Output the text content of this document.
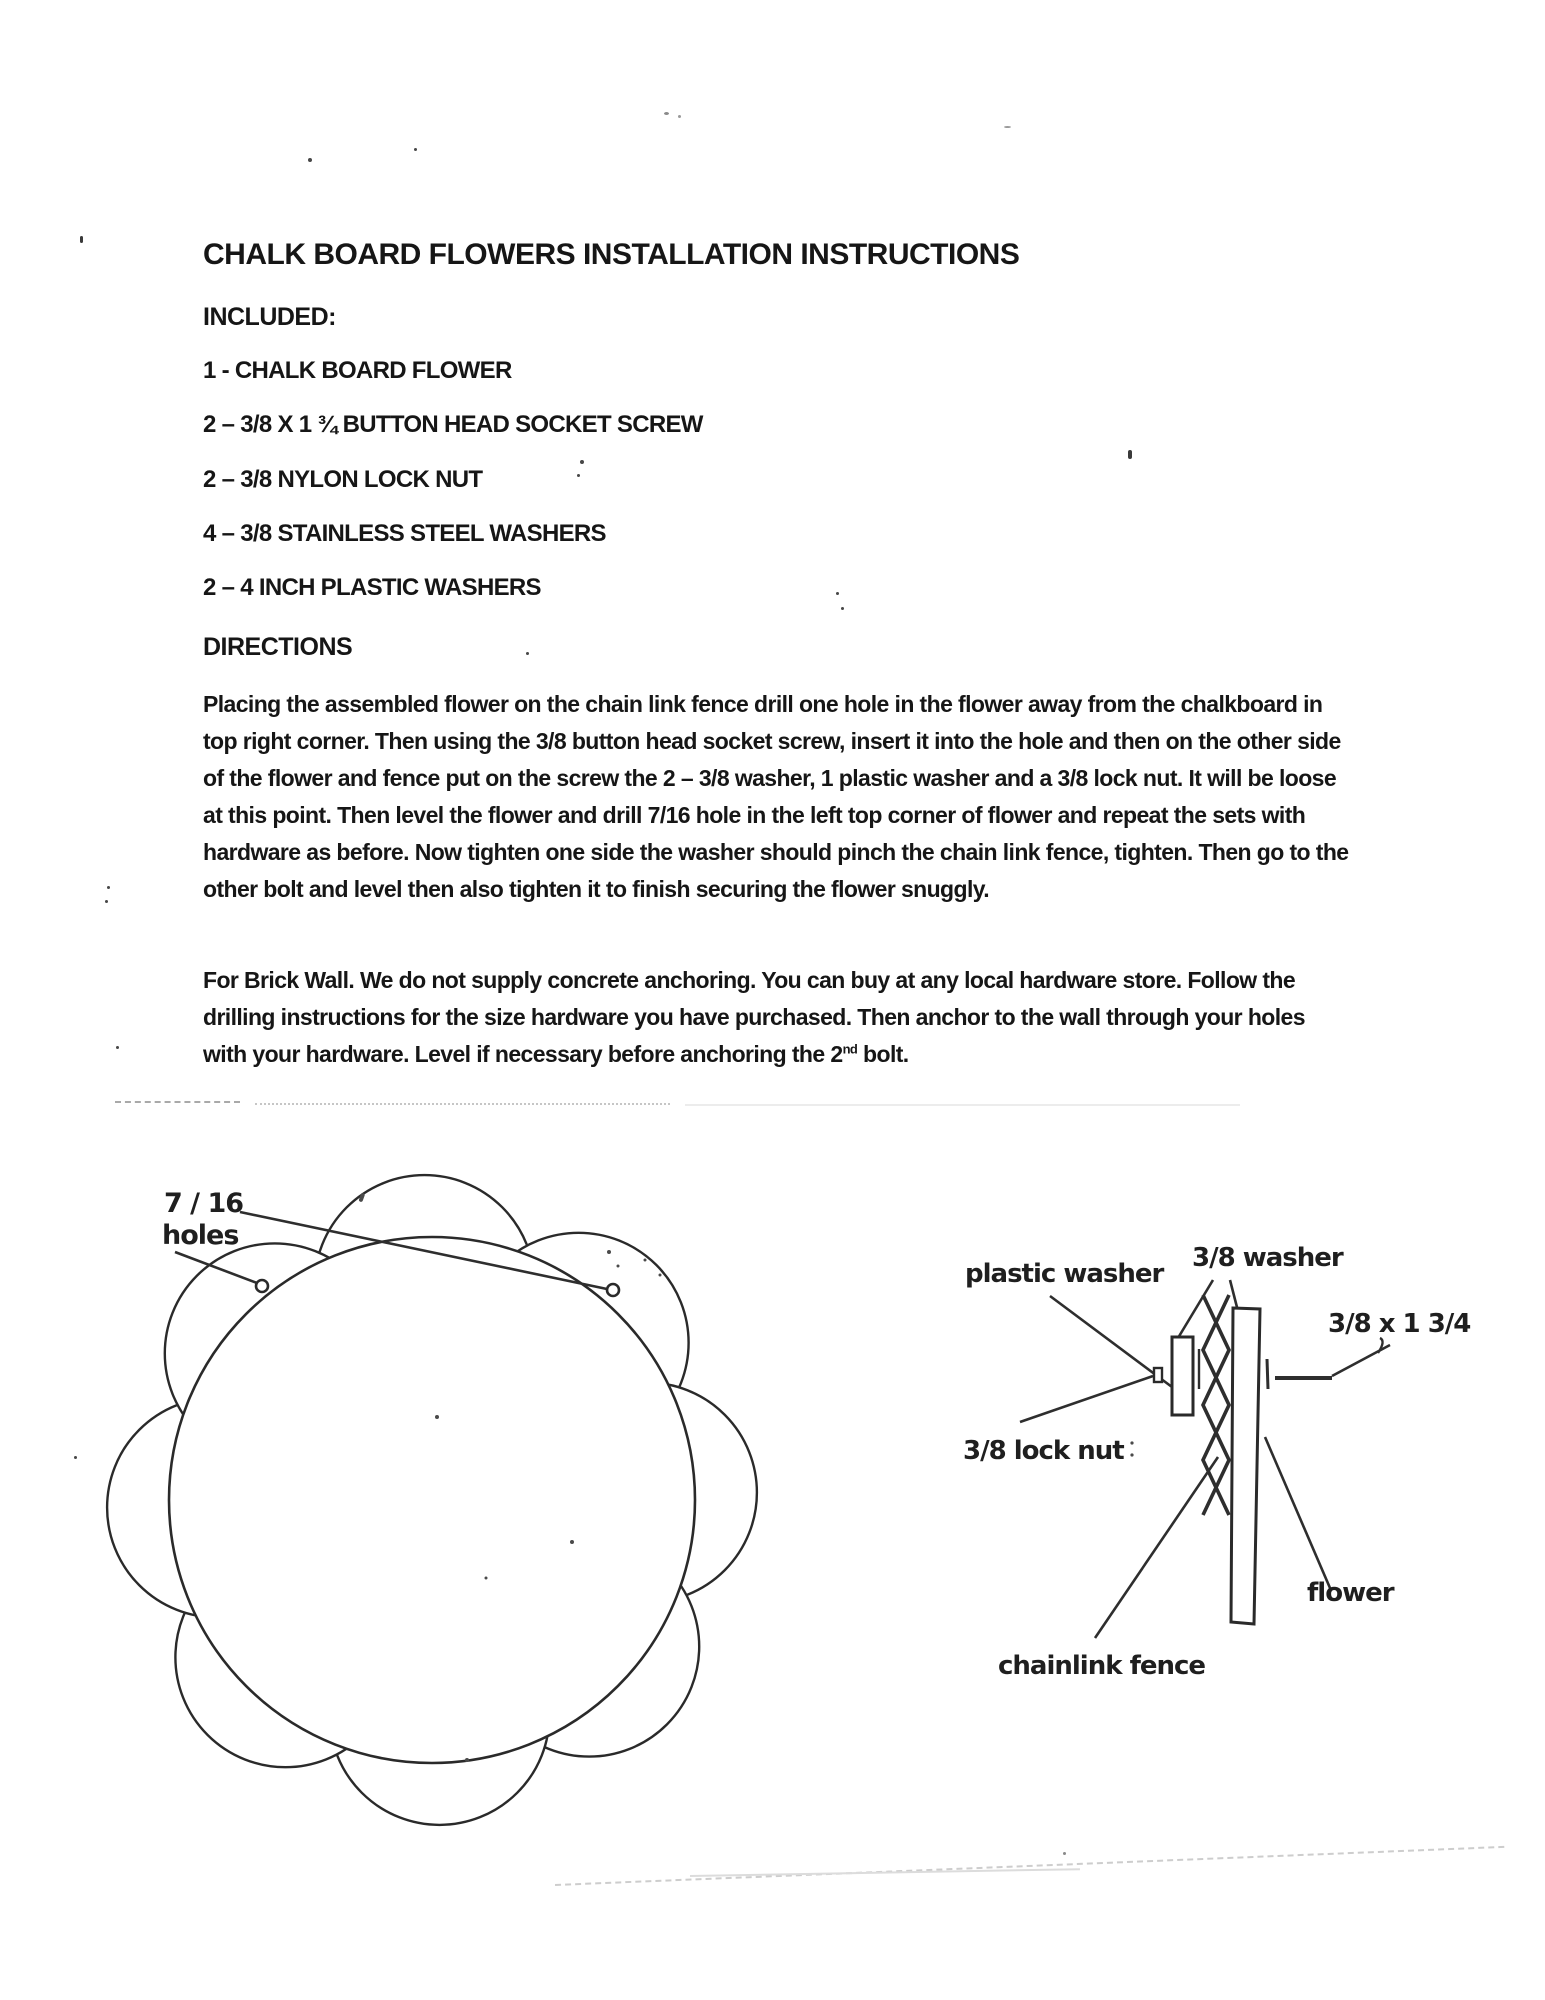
CHALK BOARD FLOWERS INSTALLATION INSTRUCTIONS
INCLUDED:
1 - CHALK BOARD FLOWER
2 – 3/8 X 1 ¾ BUTTON HEAD SOCKET SCREW
2 – 3/8 NYLON LOCK NUT
4 – 3/8 STAINLESS STEEL WASHERS
2 – 4 INCH PLASTIC WASHERS
DIRECTIONS
Placing the assembled flower on the chain link fence drill one hole in the flower away from the chalkboard in top right corner. Then using the 3/8 button head socket screw, insert it into the hole and then on the other side of the flower and fence put on the screw the 2 – 3/8 washer, 1 plastic washer and a 3/8 lock nut. It will be loose at this point. Then level the flower and drill 7/16 hole in the left top corner of flower and repeat the sets with hardware as before. Now tighten one side the washer should pinch the chain link fence, tighten. Then go to the other bolt and level then also tighten it to finish securing the flower snuggly.
For Brick Wall. We do not supply concrete anchoring. You can buy at any local hardware store. Follow the drilling instructions for the size hardware you have purchased. Then anchor to the wall through your holes with your hardware. Level if necessary before anchoring the 2nd bolt.
7 / 16
holes
plastic washer
3/8 washer
3/8 x 1 3/4
3/8 lock nut
flower
chainlink fence
